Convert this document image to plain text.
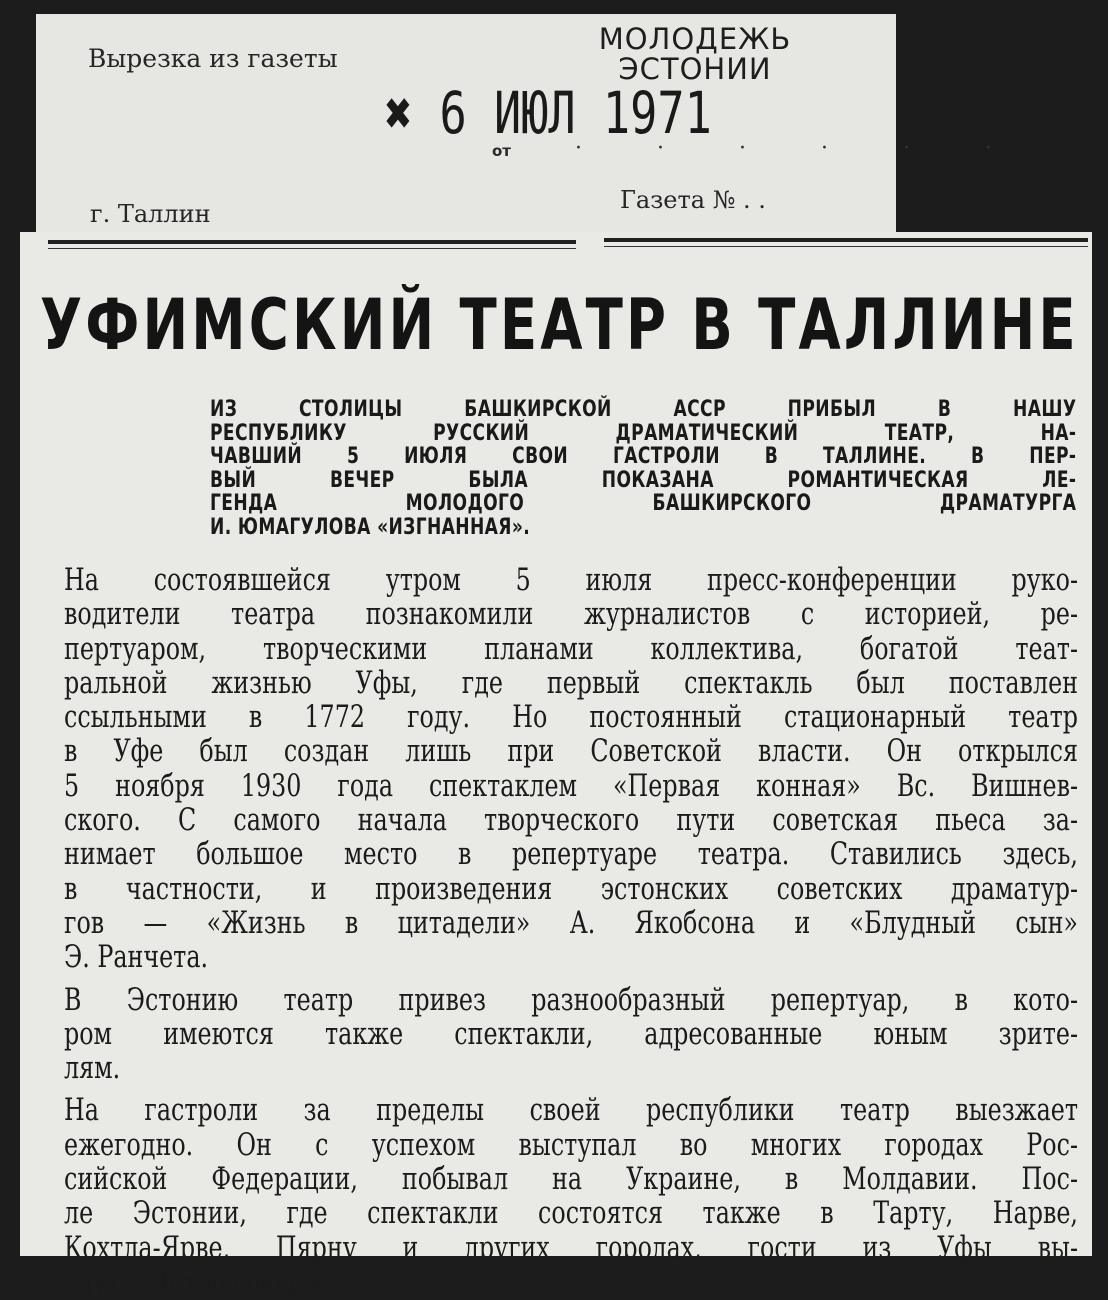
Вырезка из газеты
МОЛОДЕЖЬ
ЭСТОНИИ
✖ 6 ИЮЛ 1971
от	· · · · · ·
г. Таллин	Газета № . .
УФИМСКИЙ ТЕАТР В ТАЛЛИНЕ
ИЗ СТОЛИЦЫ БАШКИРСКОЙ АССР ПРИБЫЛ В НАШУ
РЕСПУБЛИКУ РУССКИЙ ДРАМАТИЧЕСКИЙ ТЕАТР, НА-
ЧАВШИЙ 5 ИЮЛЯ СВОИ ГАСТРОЛИ В ТАЛЛИНЕ. В ПЕР-
ВЫЙ ВЕЧЕР БЫЛА ПОКАЗАНА РОМАНТИЧЕСКАЯ ЛЕ-
ГЕНДА МОЛОДОГО БАШКИРСКОГО ДРАМАТУРГА
И. ЮМАГУЛОВА «ИЗГНАННАЯ».
На состоявшейся утром 5 июля пресс-конференции руко-
водители театра познакомили журналистов с историей, ре-
пертуаром, творческими планами коллектива, богатой теат-
ральной жизнью Уфы, где первый спектакль был поставлен
ссыльными в 1772 году. Но постоянный стационарный театр
в Уфе был создан лишь при Советской власти. Он открылся
5 ноября 1930 года спектаклем «Первая конная» Вс. Вишнев-
ского. С самого начала творческого пути советская пьеса за-
нимает большое место в репертуаре театра. Ставились здесь,
в частности, и произведения эстонских советских драматур-
гов — «Жизнь в цитадели» А. Якобсона и «Блудный сын»
Э. Ранчета.
В Эстонию театр привез разнообразный репертуар, в кото-
ром имеются также спектакли, адресованные юным зрите-
лям.
На гастроли за пределы своей республики театр выезжает
ежегодно. Он с успехом выступал во многих городах Рос-
сийской Федерации, побывал на Украине, в Молдавии. Пос-
ле Эстонии, где спектакли состоятся также в Тарту, Нарве,
Кохтла-Ярве, Пярну и других городах, гости из Уфы вы-
едут в Петрозаводск.
